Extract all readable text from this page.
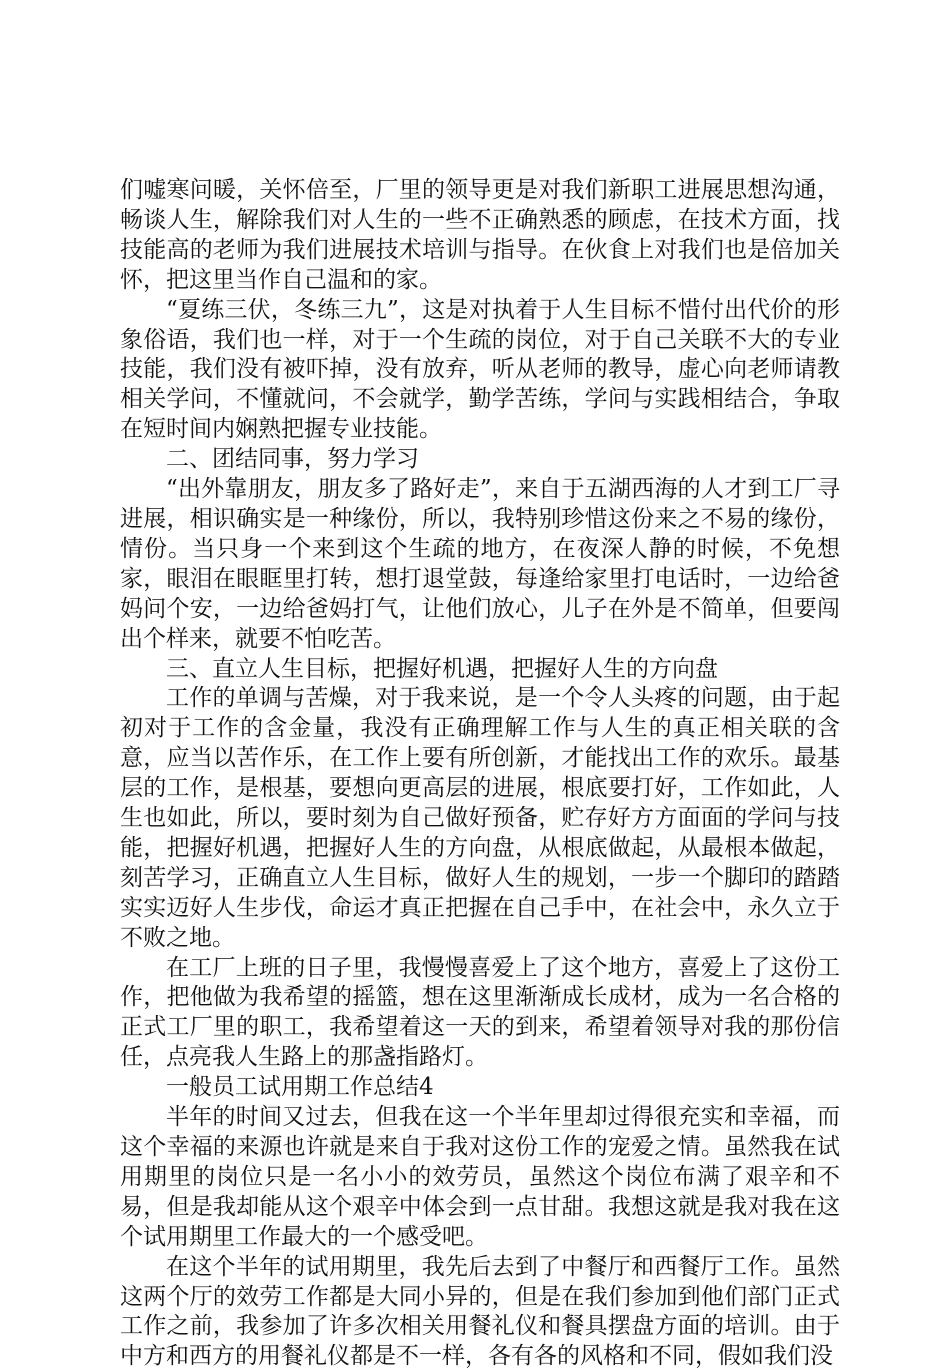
们嘘寒问暖，关怀倍至，厂里的领导更是对我们新职工进展思想沟通，畅谈人生，解除我们对人生的一些不正确熟悉的顾虑，在技术方面，找技能高的老师为我们进展技术培训与指导。在伙食上对我们也是倍加关怀，把这里当作自己温和的家。

“夏练三伏，冬练三九”，这是对执着于人生目标不惜付出代价的形象俗语，我们也一样，对于一个生疏的岗位，对于自己关联不大的专业技能，我们没有被吓掉，没有放弃，听从老师的教导，虚心向老师请教相关学问，不懂就问，不会就学，勤学苦练，学问与实践相结合，争取在短时间内娴熟把握专业技能。

二、团结同事，努力学习

“出外靠朋友，朋友多了路好走”，来自于五湖西海的人才到工厂寻进展，相识确实是一种缘份，所以，我特别珍惜这份来之不易的缘份，情份。当只身一个来到这个生疏的地方，在夜深人静的时候，不免想家，眼泪在眼眶里打转，想打退堂鼓，每逢给家里打电话时，一边给爸妈问个安，一边给爸妈打气，让他们放心，儿子在外是不简单，但要闯出个样来，就要不怕吃苦。

三、直立人生目标，把握好机遇，把握好人生的方向盘

工作的单调与苦燥，对于我来说，是一个令人头疼的问题，由于起初对于工作的含金量，我没有正确理解工作与人生的真正相关联的含意，应当以苦作乐，在工作上要有所创新，才能找出工作的欢乐。最基层的工作，是根基，要想向更高层的进展，根底要打好，工作如此，人生也如此，所以，要时刻为自己做好预备，贮存好方方面面的学问与技能，把握好机遇，把握好人生的方向盘，从根底做起，从最根本做起，刻苦学习，正确直立人生目标，做好人生的规划，一步一个脚印的踏踏实实迈好人生步伐，命运才真正把握在自己手中，在社会中，永久立于不败之地。

在工厂上班的日子里，我慢慢喜爱上了这个地方，喜爱上了这份工作，把他做为我希望的摇篮，想在这里渐渐成长成材，成为一名合格的正式工厂里的职工，我希望着这一天的到来，希望着领导对我的那份信任，点亮我人生路上的那盏指路灯。

一般员工试用期工作总结4

半年的时间又过去，但我在这一个半年里却过得很充实和幸福，而这个幸福的来源也许就是来自于我对这份工作的宠爱之情。虽然我在试用期里的岗位只是一名小小的效劳员，虽然这个岗位布满了艰辛和不易，但是我却能从这个艰辛中体会到一点甘甜。我想这就是我对我在这个试用期里工作最大的一个感受吧。

在这个半年的试用期里，我先后去到了中餐厅和西餐厅工作。虽然这两个厅的效劳工作都是大同小异的，但是在我们参加到他们部门正式工作之前，我参加了许多次相关用餐礼仪和餐具摆盘方面的培训。由于中方和西方的用餐礼仪都是不一样，各有各的风格和不同，假如我们没
